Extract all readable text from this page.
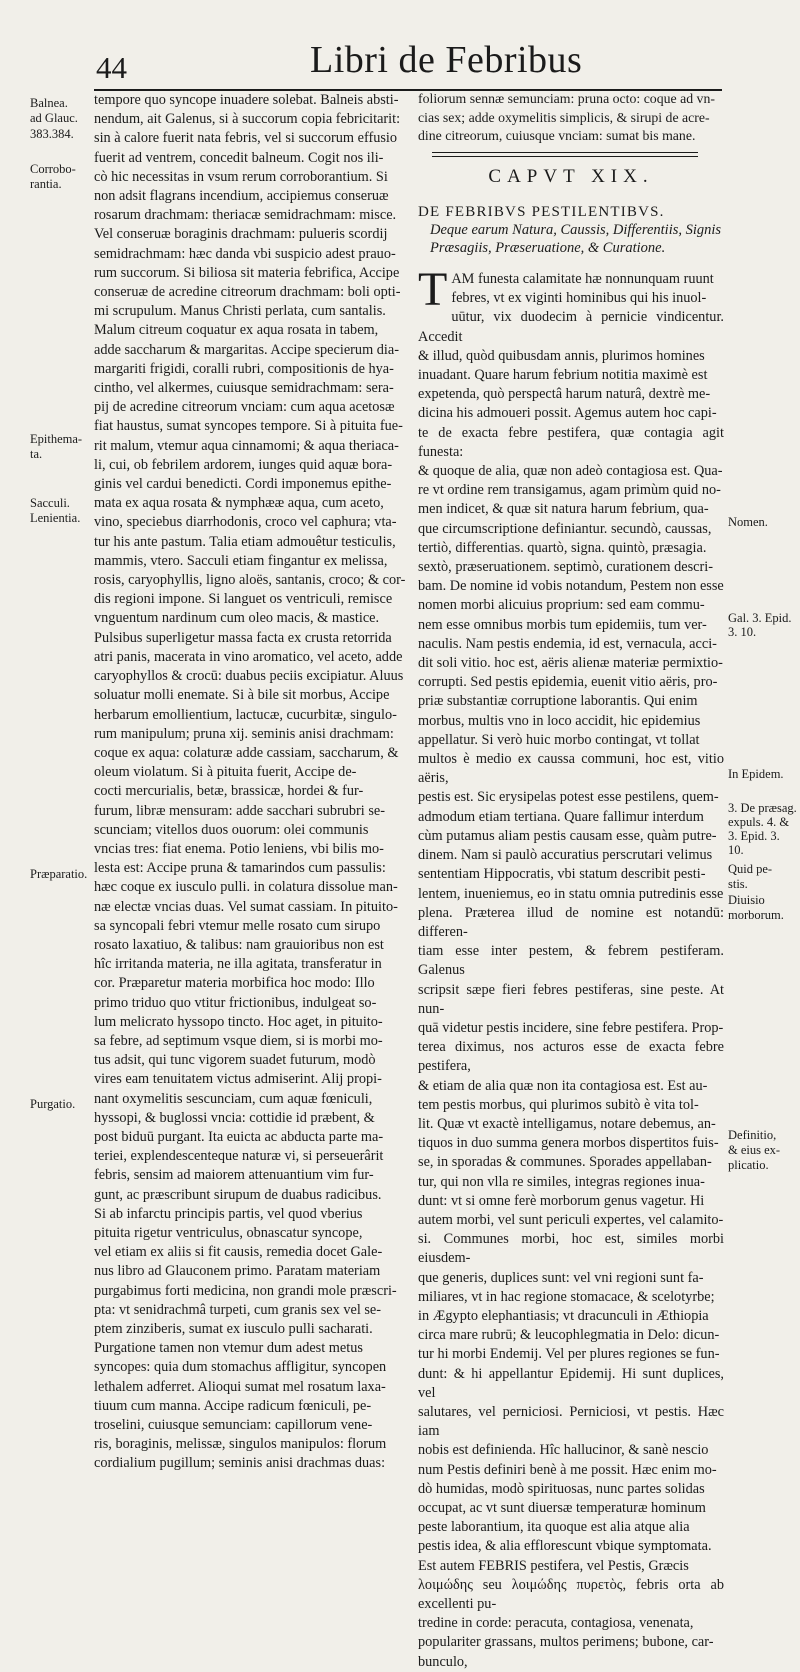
44	Libri de Febribus
Balnea.
ad Glauc.
383.384.
Corrobo-
rantia.
Epithema-
ta.
Sacculi.
Lenientia.
Præparatio.
Purgatio.
Nomen.
Gal. 3. Epid.
3. 10.
In Epidem.
3. De præsag.
expuls. 4. &
3. Epid. 3. 10.
Quid pe-
stis.
Diuisio
morborum.
Definitio,
& eius ex-
plicatio.

tempore quo syncope inuadere solebat. Balneis absti-

nendum, ait Galenus, si à succorum copia febricitarit:

sin à calore fuerit nata febris, vel si succorum effusio

fuerit ad ventrem, concedit balneum. Cogit nos ili-

cò hic necessitas in vsum rerum corroborantium. Si

non adsit flagrans incendium, accipiemus conseruæ

rosarum drachmam: theriacæ semidrachmam: misce.

Vel conseruæ boraginis drachmam: pulueris scordij

semidrachmam: hæc danda vbi suspicio adest prauo-

rum succorum. Si biliosa sit materia febrifica, Accipe

conseruæ de acredine citreorum drachmam: boli opti-

mi scrupulum. Manus Christi perlata, cum santalis.

Malum citreum coquatur ex aqua rosata in tabem,

adde saccharum & margaritas. Accipe specierum dia-

margariti frigidi, coralli rubri, compositionis de hya-

cintho, vel alkermes, cuiusque semidrachmam: sera-

pij de acredine citreorum vnciam: cum aqua acetosæ

fiat haustus, sumat syncopes tempore. Si à pituita fue-

rit malum, vtemur aqua cinnamomi; & aqua theriaca-

li, cui, ob febrilem ardorem, iunges quid aquæ bora-

ginis vel cardui benedicti. Cordi imponemus epithe-

mata ex aqua rosata & nymphææ aqua, cum aceto,

vino, speciebus diarrhodonis, croco vel caphura; vta-

tur his ante pastum. Talia etiam admouêtur testiculis,

mammis, vtero. Sacculi etiam fingantur ex melissa,

rosis, caryophyllis, ligno aloës, santanis, croco; & cor-

dis regioni impone. Si languet os ventriculi, remisce

vnguentum nardinum cum oleo macis, & mastice.

Pulsibus superligetur massa facta ex crusta retorrida

atri panis, macerata in vino aromatico, vel aceto, adde

caryophyllos & crocū: duabus peciis excipiatur. Aluus

soluatur molli enemate. Si à bile sit morbus, Accipe

herbarum emollientium, lactucæ, cucurbitæ, singulo-

rum manipulum; pruna xij. seminis anisi drachmam:

coque ex aqua: colaturæ adde cassiam, saccharum, &

oleum violatum. Si à pituita fuerit, Accipe de-

cocti mercurialis, betæ, brassicæ, hordei & fur-

furum, libræ mensuram: adde sacchari subrubri se-

scunciam; vitellos duos ouorum: olei communis

vncias tres: fiat enema. Potio leniens, vbi bilis mo-

lesta est: Accipe pruna & tamarindos cum passulis:

hæc coque ex iusculo pulli. in colatura dissolue man-

næ electæ vncias duas. Vel sumat cassiam. In pituito-

sa syncopali febri vtemur melle rosato cum sirupo

rosato laxatiuo, & talibus: nam grauioribus non est

hîc irritanda materia, ne illa agitata, transferatur in

cor. Præparetur materia morbifica hoc modo: Illo

primo triduo quo vtitur frictionibus, indulgeat so-

lum melicrato hyssopo tincto. Hoc aget, in pituito-

sa febre, ad septimum vsque diem, si is morbi mo-

tus adsit, qui tunc vigorem suadet futurum, modò

vires eam tenuitatem victus admiserint. Alij propi-

nant oxymelitis sescunciam, cum aquæ fœniculi,

hyssopi, & buglossi vncia: cottidie id præbent, &

post biduū purgant. Ita euicta ac abducta parte ma-

teriei, explendescenteque naturæ vi, si perseuerârit

febris, sensim ad maiorem attenuantium vim fur-

gunt, ac præscribunt sirupum de duabus radicibus.

Si ab infarctu principis partis, vel quod vberius

pituita rigetur ventriculus, obnascatur syncope,

vel etiam ex aliis si fit causis, remedia docet Gale-

nus libro ad Glauconem primo. Paratam materiam

purgabimus forti medicina, non grandi mole præscri-

pta: vt senidrachmâ turpeti, cum granis sex vel se-

ptem zinziberis, sumat ex iusculo pulli sacharati.

Purgatione tamen non vtemur dum adest metus

syncopes: quia dum stomachus affligitur, syncopen

lethalem adferret. Alioqui sumat mel rosatum laxa-

tiuum cum manna. Accipe radicum fœniculi, pe-

troselini, cuiusque semunciam: capillorum vene-

ris, boraginis, melissæ, singulos manipulos: florum

cordialium pugillum; seminis anisi drachmas duas:

foliorum sennæ semunciam: pruna octo: coque ad vn-

cias sex; adde oxymelitis simplicis, & sirupi de acre-

dine citreorum, cuiusque vnciam: sumat bis mane.

CAPVT XIX.
DE FEBRIBVS PESTILENTIBVS.
Deque earum Natura, Caussis, Differentiis, Signis Præsagiis, Præseruatione, & Curatione.
T AM funesta calamitate hæ nonnunquam ruunt

febres, vt ex viginti hominibus qui his inuol-

uūtur, vix duodecim à pernicie vindicentur. Accedit

& illud, quòd quibusdam annis, plurimos homines

inuadant. Quare harum febrium notitia maximè est

expetenda, quò perspectâ harum naturâ, dextrè me-

dicina his admoueri possit. Agemus autem hoc capi-

te de exacta febre pestifera, quæ contagia agit funesta:

& quoque de alia, quæ non adeò contagiosa est. Qua-

re vt ordine rem transigamus, agam primùm quid no-

men indicet, & quæ sit natura harum febrium, qua-

que circumscriptione definiantur. secundò, caussas,

tertiò, differentias. quartò, signa. quintò, præsagia.

sextò, præseruationem. septimò, curationem descri-

bam. De nomine id vobis notandum, Pestem non esse

nomen morbi alicuius proprium: sed eam commu-

nem esse omnibus morbis tum epidemiis, tum ver-

naculis. Nam pestis endemia, id est, vernacula, acci-

dit soli vitio. hoc est, aëris alienæ materiæ permixtio-

corrupti. Sed pestis epidemia, euenit vitio aëris, pro-

priæ substantiæ corruptione laborantis. Qui enim

morbus, multis vno in loco accidit, hic epidemius

appellatur. Si verò huic morbo contingat, vt tollat

multos è medio ex caussa communi, hoc est, vitio aëris,

pestis est. Sic erysipelas potest esse pestilens, quem-

admodum etiam tertiana. Quare fallimur interdum

cùm putamus aliam pestis causam esse, quàm putre-

dinem. Nam si paulò accuratius perscrutari velimus

sententiam Hippocratis, vbi statum describit pesti-

lentem, inueniemus, eo in statu omnia putredinis esse

plena. Præterea illud de nomine est notandū: differen-

tiam esse inter pestem, & febrem pestiferam. Galenus

scripsit sæpe fieri febres pestiferas, sine peste. At nun-

quā videtur pestis incidere, sine febre pestifera. Prop-

terea diximus, nos acturos esse de exacta febre pestifera,

& etiam de alia quæ non ita contagiosa est. Est au-

tem pestis morbus, qui plurimos subitò è vita tol-

lit. Quæ vt exactè intelligamus, notare debemus, an-

tiquos in duo summa genera morbos dispertitos fuis-

se, in sporadas & communes. Sporades appellaban-

tur, qui non vlla re similes, integras regiones inua-

dunt: vt si omne ferè morborum genus vagetur. Hi

autem morbi, vel sunt periculi expertes, vel calamito-

si. Communes morbi, hoc est, similes morbi eiusdem-

que generis, duplices sunt: vel vni regioni sunt fa-

miliares, vt in hac regione stomacace, & scelotyrbe;

in Ægypto elephantiasis; vt dracunculi in Æthiopia

circa mare rubrū; & leucophlegmatia in Delo: dicun-

tur hi morbi Endemij. Vel per plures regiones se fun-

dunt: & hi appellantur Epidemij. Hi sunt duplices, vel

salutares, vel perniciosi. Perniciosi, vt pestis. Hæc iam

nobis est definienda. Hîc hallucinor, & sanè nescio

num Pestis definiri benè à me possit. Hæc enim mo-

dò humidas, modò spirituosas, nunc partes solidas

occupat, ac vt sunt diuersæ temperaturæ hominum

peste laborantium, ita quoque est alia atque alia

pestis idea, & alia efflorescunt vbique symptomata.

Est autem FEBRIS pestifera, vel Pestis, Græcis

λοιμώδης seu λοιμώδης πυρετὸς, febris orta ab excellenti pu-

tredine in corde: peracuta, contagiosa, venenata,

populariter grassans, multos perimens; bubone, car-

bunculo,
